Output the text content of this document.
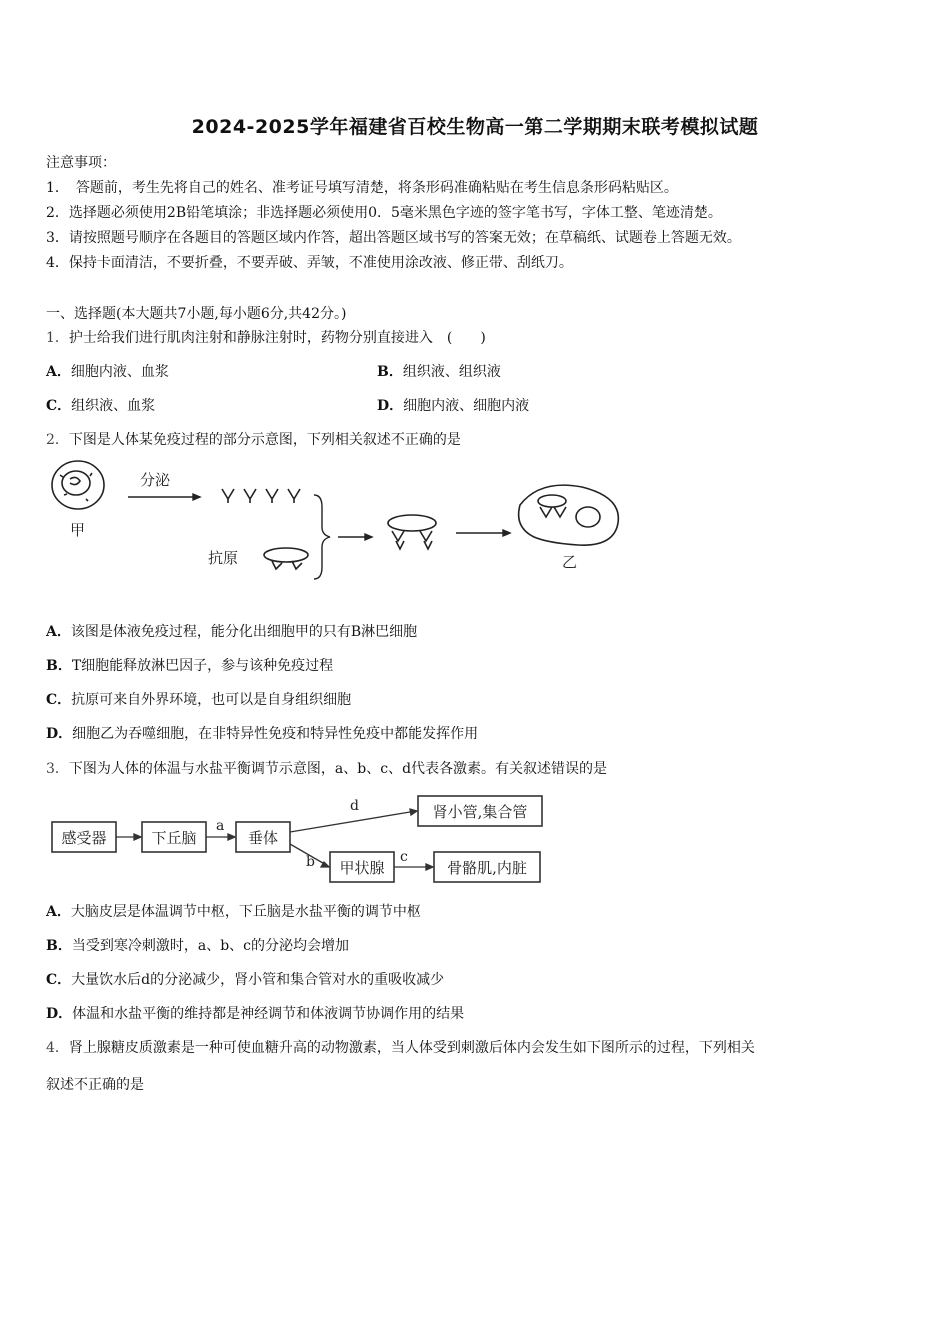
2024-2025学年福建省百校生物高一第二学期期末联考模拟试题
注意事项：
1．　答题前，考生先将自己的姓名、准考证号填写清楚，将条形码准确粘贴在考生信息条形码粘贴区。
2．选择题必须使用2B铅笔填涂；非选择题必须使用0．5毫米黑色字迹的签字笔书写，字体工整、笔迹清楚。
3．请按照题号顺序在各题目的答题区域内作答，超出答题区域书写的答案无效；在草稿纸、试题卷上答题无效。
4．保持卡面清洁，不要折叠，不要弄破、弄皱，不准使用涂改液、修正带、刮纸刀。
一、选择题(本大题共7小题,每小题6分,共42分。)
1．护士给我们进行肌肉注射和静脉注射时，药物分别直接进入　(　　)
A．细胞内液、血浆	B．组织液、组织液
C．组织液、血浆	D．细胞内液、细胞内液
2．下图是人体某免疫过程的部分示意图，下列相关叙述不正确的是
甲
分泌
抗原	乙
A．该图是体液免疫过程，能分化出细胞甲的只有B淋巴细胞
B．T细胞能释放淋巴因子，参与该种免疫过程
C．抗原可来自外界环境，也可以是自身组织细胞
D．细胞乙为吞噬细胞，在非特异性免疫和特异性免疫中都能发挥作用
3．下图为人体的体温与水盐平衡调节示意图，a、b、c、d代表各激素。有关叙述错误的是
感受器	下丘脑	垂体
肾小管,集合管
甲状腺	骨骼肌,内脏
a
b	c
d
A．大脑皮层是体温调节中枢，下丘脑是水盐平衡的调节中枢
B．当受到寒冷刺激时，a、b、c的分泌均会增加
C．大量饮水后d的分泌减少，肾小管和集合管对水的重吸收减少
D．体温和水盐平衡的维持都是神经调节和体液调节协调作用的结果
4．肾上腺糖皮质激素是一种可使血糖升高的动物激素，当人体受到刺激后体内会发生如下图所示的过程，下列相关
叙述不正确的是
